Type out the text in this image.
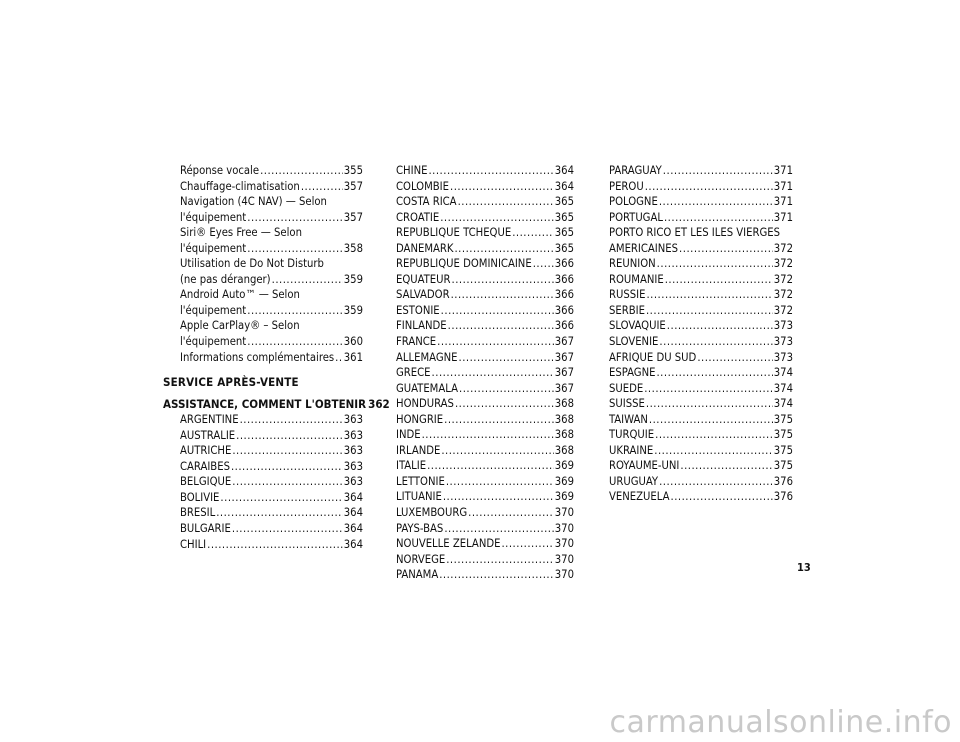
Réponse vocale .....	355
Chauffage-climatisation .....	357
Navigation (4C NAV) — Selon
l'équipement .....	357
Siri® Eyes Free — Selon
l'équipement .....	358
Utilisation de Do Not Disturb
(ne pas déranger) .....	359
Android Auto™ — Selon
l'équipement .....	359
Apple CarPlay® – Selon
l'équipement .....	360
Informations complémentaires ..... 361
SERVICE APRÈS-VENTE
ASSISTANCE, COMMENT L'OBTENIR 362
ARGENTINE .....	363
AUSTRALIE .....	363
AUTRICHE .....	363
CARAIBES .....	363
BELGIQUE .....	363
BOLIVIE .....	364
BRESIL .....	364
BULGARIE .....	364
CHILI .....	364
CHINE .....	364
COLOMBIE .....	364
COSTA RICA .....	365
CROATIE .....	365
REPUBLIQUE TCHEQUE .....	365
DANEMARK .....	365
REPUBLIQUE DOMINICAINE ..... 366
EQUATEUR .....	366
SALVADOR .....	366
ESTONIE .....	366
FINLANDE .....	366
FRANCE .....	367
ALLEMAGNE .....	367
GRECE .....	367
GUATEMALA .....	367
HONDURAS .....	368
HONGRIE .....	368
INDE .....	368
IRLANDE .....	368
ITALIE .....	369
LETTONIE .....	369
LITUANIE .....	369
LUXEMBOURG .....	370
PAYS-BAS .....	370
NOUVELLE ZELANDE .....	370
NORVEGE .....	370
PANAMA .....	370
PARAGUAY .....	371
PEROU .....	371
POLOGNE .....	371
PORTUGAL .....	371
PORTO RICO ET LES ILES VIERGES
AMERICAINES .....	372
REUNION .....	372
ROUMANIE .....	372
RUSSIE .....	372
SERBIE .....	372
SLOVAQUIE .....	373
SLOVENIE .....	373
AFRIQUE DU SUD .....	373
ESPAGNE .....	374
SUEDE .....	374
SUISSE .....	374
TAIWAN .....	375
TURQUIE .....	375
UKRAINE .....	375
ROYAUME-UNI .....	375
URUGUAY .....	376
VENEZUELA .....	376
13
carmanualsonline.info
